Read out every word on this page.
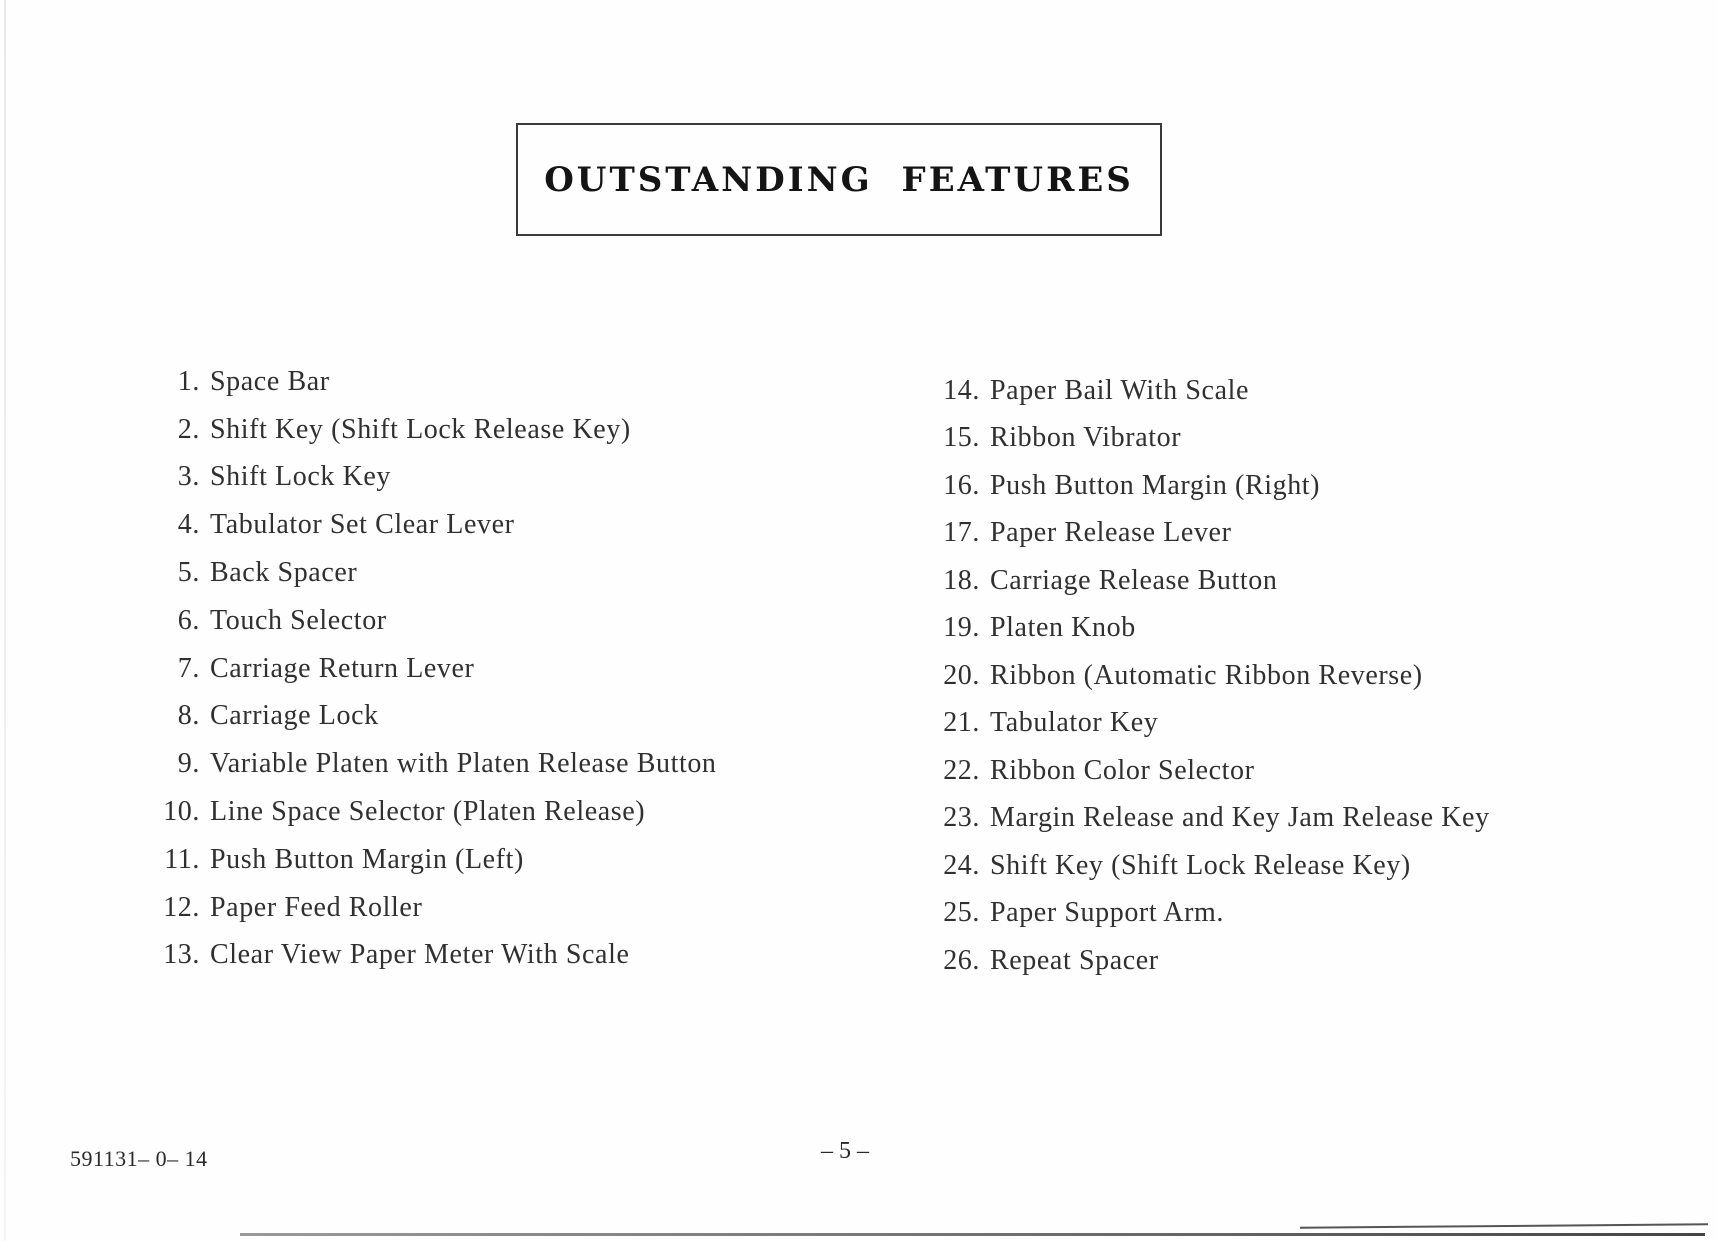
OUTSTANDING FEATURES
1. Space Bar
2. Shift Key (Shift Lock Release Key)
3. Shift Lock Key
4. Tabulator Set Clear Lever
5. Back Spacer
6. Touch Selector
7. Carriage Return Lever
8. Carriage Lock
9. Variable Platen with Platen Release Button
10. Line Space Selector (Platen Release)
11. Push Button Margin (Left)
12. Paper Feed Roller
13. Clear View Paper Meter With Scale
14. Paper Bail With Scale
15. Ribbon Vibrator
16. Push Button Margin (Right)
17. Paper Release Lever
18. Carriage Release Button
19. Platen Knob
20. Ribbon (Automatic Ribbon Reverse)
21. Tabulator Key
22. Ribbon Color Selector
23. Margin Release and Key Jam Release Key
24. Shift Key (Shift Lock Release Key)
25. Paper Support Arm.
26. Repeat Spacer
591131– 0– 14	– 5 –
